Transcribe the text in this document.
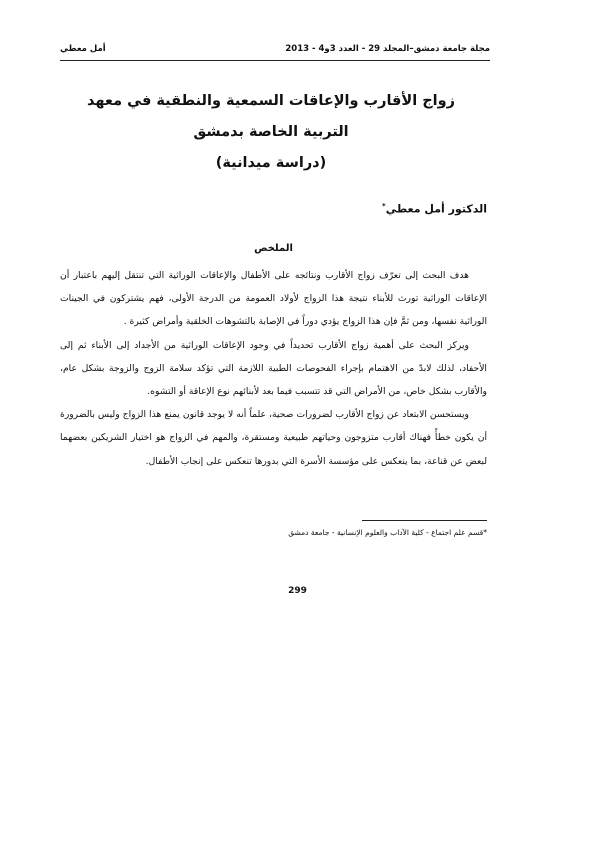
مجلة جامعة دمشق–المجلد 29 - العدد 3و4 - 2013
أمل معطي
زواج الأقارب والإعاقات السمعية والنطقية في معهد
التربية الخاصة بدمشق
(دراسة ميدانية)
الدكتور أمل معطي*
الملخص

هدف البحث إلى تعرّف زواج الأقارب ونتائجه على الأطفال والإعاقات الوراثية التي تنتقل إليهم باعتبار أن الإعاقات الوراثية تورث للأبناء نتيجة هذا الزواج لأولاد العمومة من الدرجة الأولى، فهم يشتركون في الجينات الوراثية نفسها، ومن ثمَّ فإن هذا الزواج يؤدي دوراً في الإصابة بالتشوهات الخلقية وأمراض كثيرة .

ويركز البحث على أهمية زواج الأقارب تحديداً في وجود الإعاقات الوراثية من الأجداد إلى الأبناء ثم إلى الأحفاد، لذلك لابدّ من الاهتمام بإجراء الفحوصات الطبية اللازمة التي تؤكد سلامة الزوج والزوجة بشكل عام، والأقارب بشكل خاص، من الأمراض التي قد تتسبب فيما بعد لأبنائهم نوع الإعاقة أو التشوه.

ويستحسن الابتعاد عن زواج الأقارب لضرورات صحية، علماً أنه لا يوجد قانون يمنع هذا الزواج وليس بالضرورة أن يكون خطأً فهناك أقارب متزوجون وحياتهم طبيعية ومستقرة، والمهم في الزواج هو اختيار الشريكين بعضهما لبعض عن قناعة، بما ينعكس على مؤسسة الأسرة التي بدورها تنعكس على إنجاب الأطفال.

*قسم علم اجتماع - كلية الآداب والعلوم الإنسانية - جامعة دمشق
299
